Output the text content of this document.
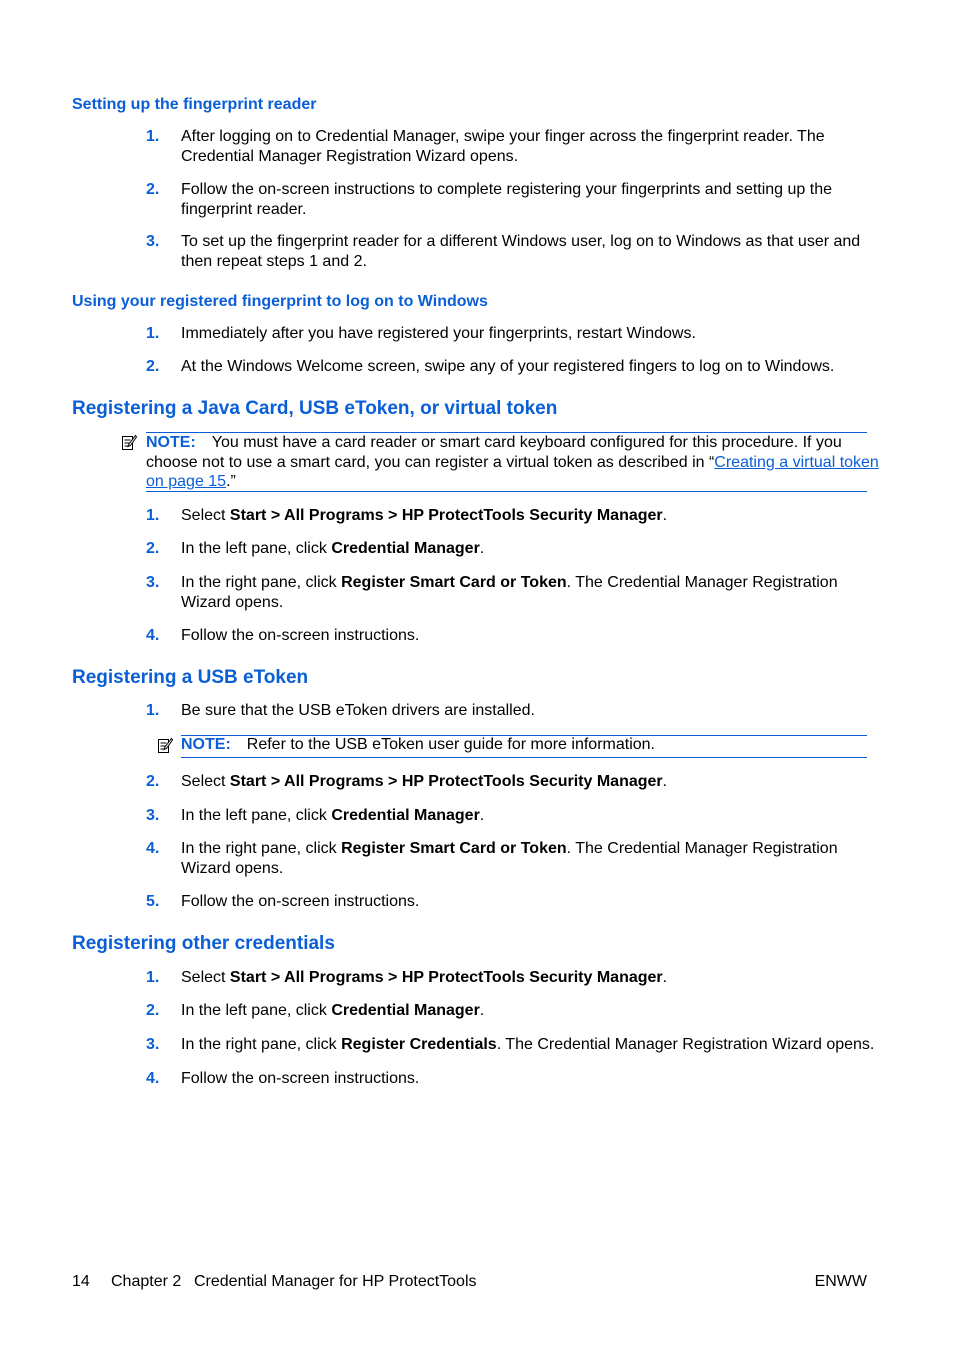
Setting up the fingerprint reader
1. After logging on to Credential Manager, swipe your finger across the fingerprint reader. The
Credential Manager Registration Wizard opens.
2. Follow the on-screen instructions to complete registering your fingerprints and setting up the
fingerprint reader.
3. To set up the fingerprint reader for a different Windows user, log on to Windows as that user and
then repeat steps 1 and 2.
Using your registered fingerprint to log on to Windows
1. Immediately after you have registered your fingerprints, restart Windows.
2. At the Windows Welcome screen, swipe any of your registered fingers to log on to Windows.
Registering a Java Card, USB eToken, or virtual token
NOTE: You must have a card reader or smart card keyboard configured for this procedure. If you
choose not to use a smart card, you can register a virtual token as described in “Creating a virtual token
on page 15.”
1. Select Start > All Programs > HP ProtectTools Security Manager.
2. In the left pane, click Credential Manager.
3. In the right pane, click Register Smart Card or Token. The Credential Manager Registration
Wizard opens.
4. Follow the on-screen instructions.
Registering a USB eToken
1. Be sure that the USB eToken drivers are installed.
NOTE: Refer to the USB eToken user guide for more information.
2. Select Start > All Programs > HP ProtectTools Security Manager.
3. In the left pane, click Credential Manager.
4. In the right pane, click Register Smart Card or Token. The Credential Manager Registration
Wizard opens.
5. Follow the on-screen instructions.
Registering other credentials
1. Select Start > All Programs > HP ProtectTools Security Manager.
2. In the left pane, click Credential Manager.
3. In the right pane, click Register Credentials. The Credential Manager Registration Wizard opens.
4. Follow the on-screen instructions.
14 Chapter 2 Credential Manager for HP ProtectTools	ENWW
